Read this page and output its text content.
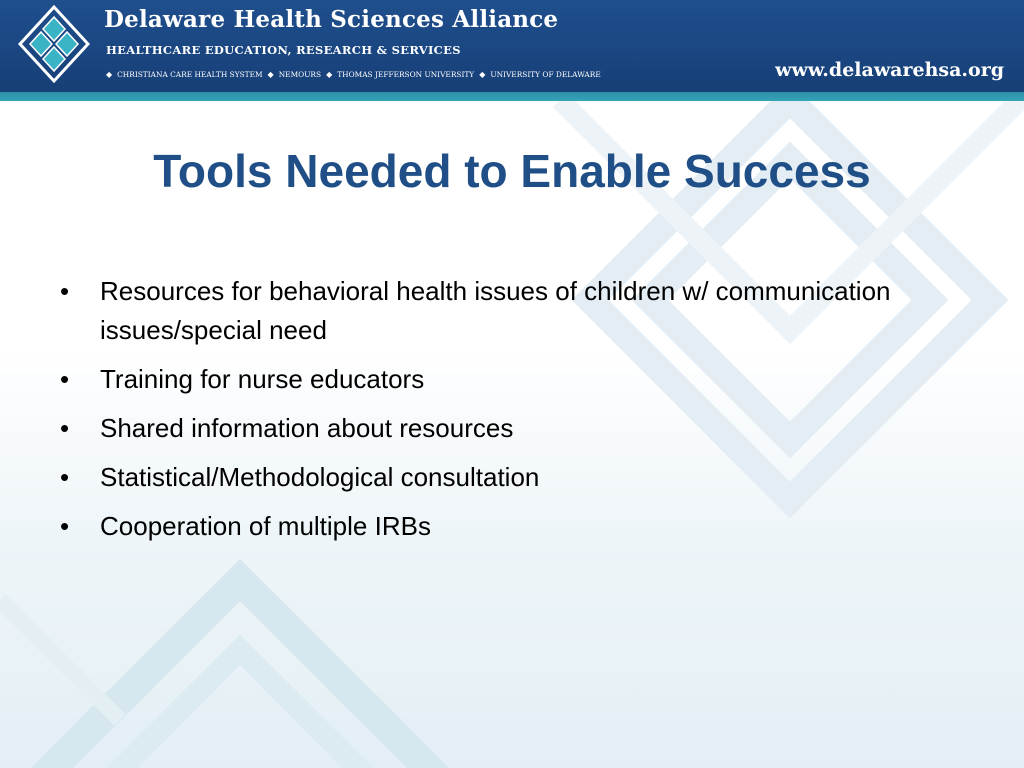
Delaware Health Sciences Alliance
HEALTHCARE EDUCATION, RESEARCH & SERVICES
◆ CHRISTIANA CARE HEALTH SYSTEM ◆ NEMOURS ◆ THOMAS JEFFERSON UNIVERSITY ◆ UNIVERSITY OF DELAWARE	www.delawarehsa.org
Tools Needed to Enable Success
•	Resources for behavioral health issues of children w/ communication issues/special need
•	Training for nurse educators
•	Shared information about resources
•	Statistical/Methodological consultation
•	Cooperation of multiple IRBs
